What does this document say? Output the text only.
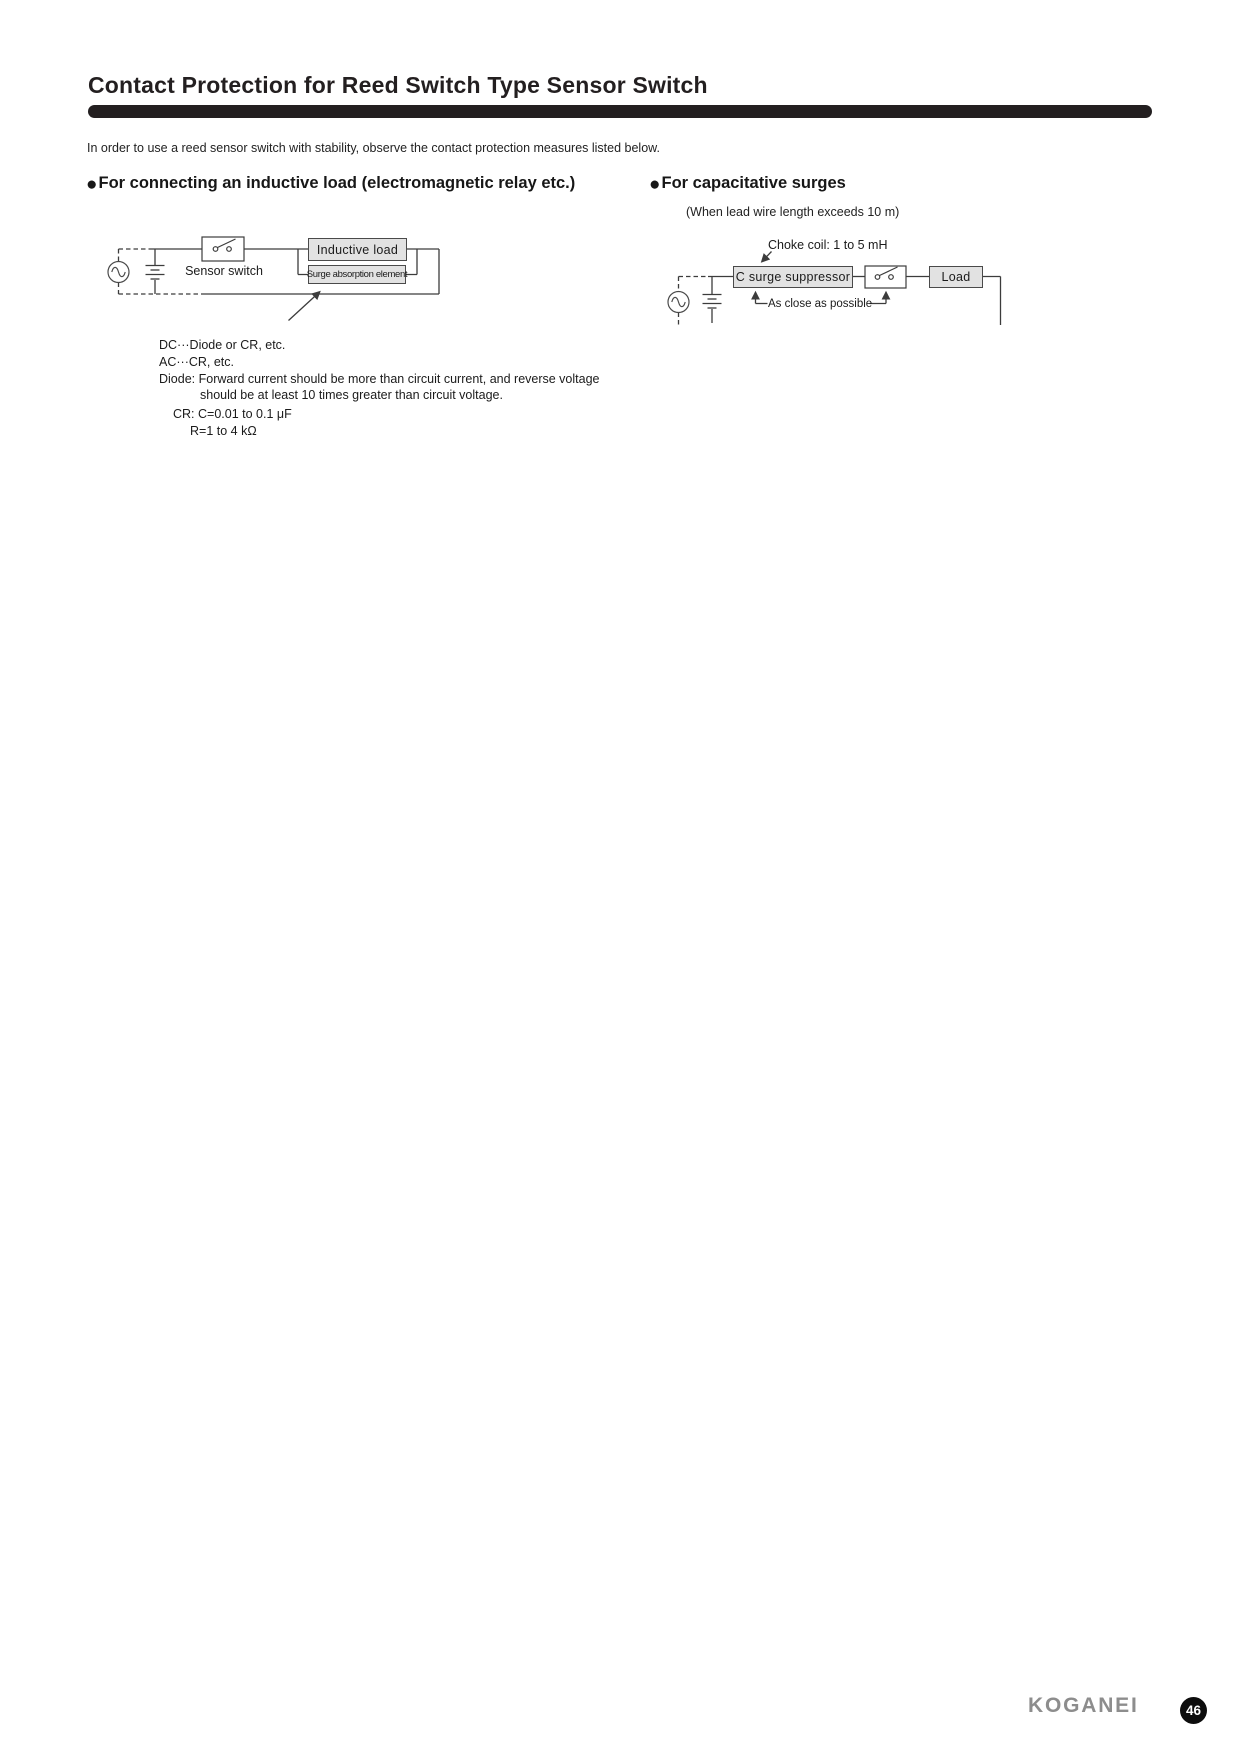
Contact Protection for Reed Switch Type Sensor Switch

In order to use a reed sensor switch with stability, observe the contact protection measures listed below.

●For connecting an inductive load (electromagnetic relay etc.)
Inductive load
Surge absorption element
Sensor switch
DC···Diode or CR, etc.
AC···CR, etc.
Diode: Forward current should be more than circuit current, and reverse voltage
should be at least 10 times greater than circuit voltage.
CR: C=0.01 to 0.1 μF
R=1 to 4 kΩ
●For capacitative surges
(When lead wire length exceeds 10 m)
Choke coil: 1 to 5 mH
C surge suppressor	Load
As close as possible
KOGANEI	46
